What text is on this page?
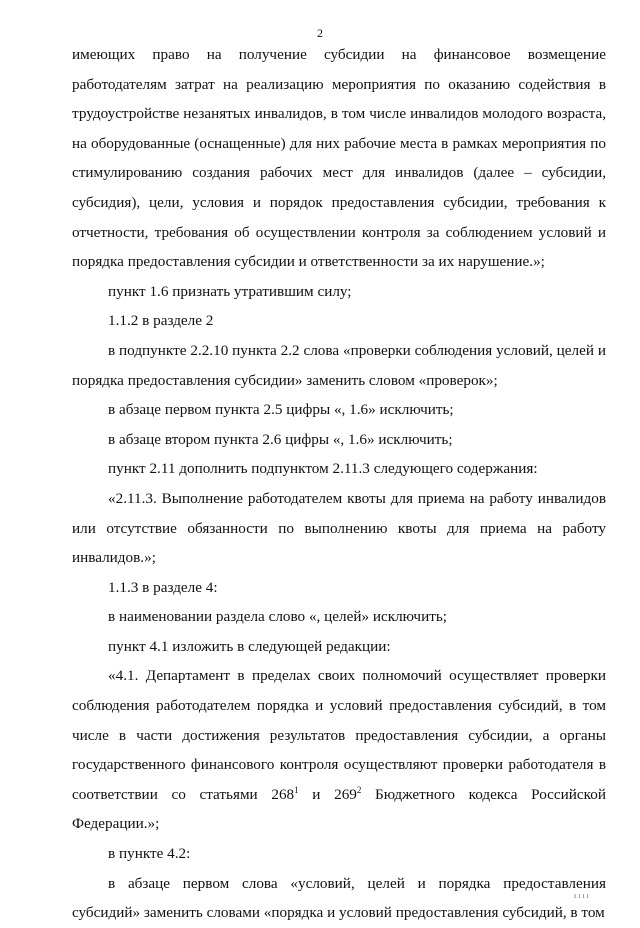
2

имеющих право на получение субсидии на финансовое возмещение работодателям затрат на реализацию мероприятия по оказанию содействия в трудоустройстве незанятых инвалидов, в том числе инвалидов молодого возраста, на оборудованные (оснащенные) для них рабочие места в рамках мероприятия по стимулированию создания рабочих мест для инвалидов (далее – субсидии, субсидия), цели, условия и порядок предоставления субсидии, требования к отчетности, требования об осуществлении контроля за соблюдением условий и порядка предоставления субсидии и ответственности за их нарушение.»;

пункт 1.6 признать утратившим силу;

1.1.2 в разделе 2

в подпункте 2.2.10 пункта 2.2 слова «проверки соблюдения условий, целей и порядка предоставления субсидии» заменить словом «проверок»;

в абзаце первом пункта 2.5 цифры «, 1.6» исключить;

в абзаце втором пункта 2.6 цифры «, 1.6» исключить;

пункт 2.11 дополнить подпунктом 2.11.3 следующего содержания:

«2.11.3. Выполнение работодателем квоты для приема на работу инвалидов или отсутствие обязанности по выполнению квоты для приема на работу инвалидов.»;

1.1.3 в разделе 4:

в наименовании раздела слово «, целей» исключить;

пункт 4.1 изложить в следующей редакции:

«4.1. Департамент в пределах своих полномочий осуществляет проверки соблюдения работодателем порядка и условий предоставления субсидий, в том числе в части достижения результатов предоставления субсидии, а органы государственного финансового контроля осуществляют проверки работодателя в соответствии со статьями $268^1$ и $269^2$ Бюджетного кодекса Российской Федерации.»;

в пункте 4.2:

в абзаце первом слова «условий, целей и порядка предоставления субсидий» заменить словами «порядка и условий предоставления субсидий, в том

ıııı
